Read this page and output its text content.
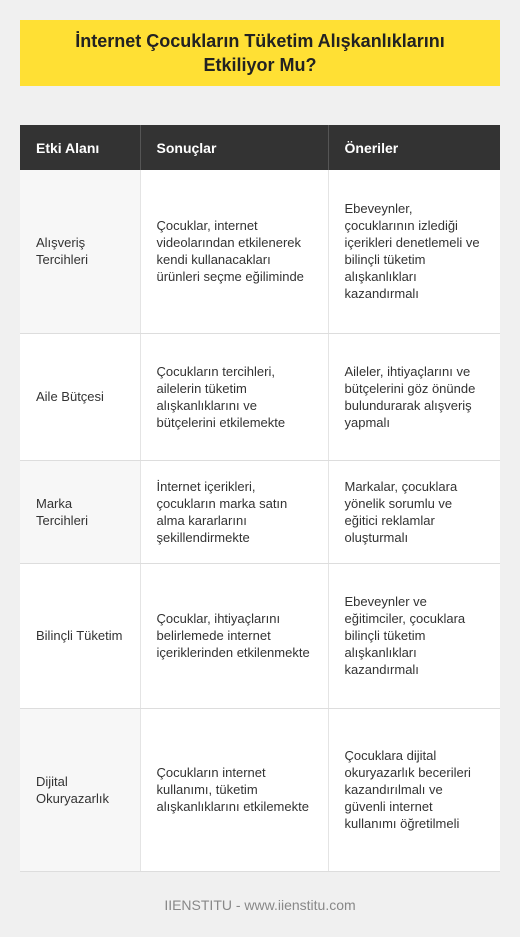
İnternet Çocukların Tüketim Alışkanlıklarını Etkiliyor Mu?
Etki Alanı	Sonuçlar	Öneriler
Alışveriş Tercihleri	Çocuklar, internet videolarından etkilenerek kendi kullanacakları ürünleri seçme eğiliminde	Ebeveynler, çocuklarının izlediği içerikleri denetlemeli ve bilinçli tüketim alışkanlıkları kazandırmalı
Aile Bütçesi	Çocukların tercihleri, ailelerin tüketim alışkanlıklarını ve bütçelerini etkilemekte	Aileler, ihtiyaçlarını ve bütçelerini göz önünde bulundurarak alışveriş yapmalı
Marka Tercihleri	İnternet içerikleri, çocukların marka satın alma kararlarını şekillendirmekte	Markalar, çocuklara yönelik sorumlu ve eğitici reklamlar oluşturmalı
Bilinçli Tüketim	Çocuklar, ihtiyaçlarını belirlemede internet içeriklerinden etkilenmekte	Ebeveynler ve eğitimciler, çocuklara bilinçli tüketim alışkanlıkları kazandırmalı
Dijital Okuryazarlık	Çocukların internet kullanımı, tüketim alışkanlıklarını etkilemekte	Çocuklara dijital okuryazarlık becerileri kazandırılmalı ve güvenli internet kullanımı öğretilmeli
IIENSTITU - www.iienstitu.com
